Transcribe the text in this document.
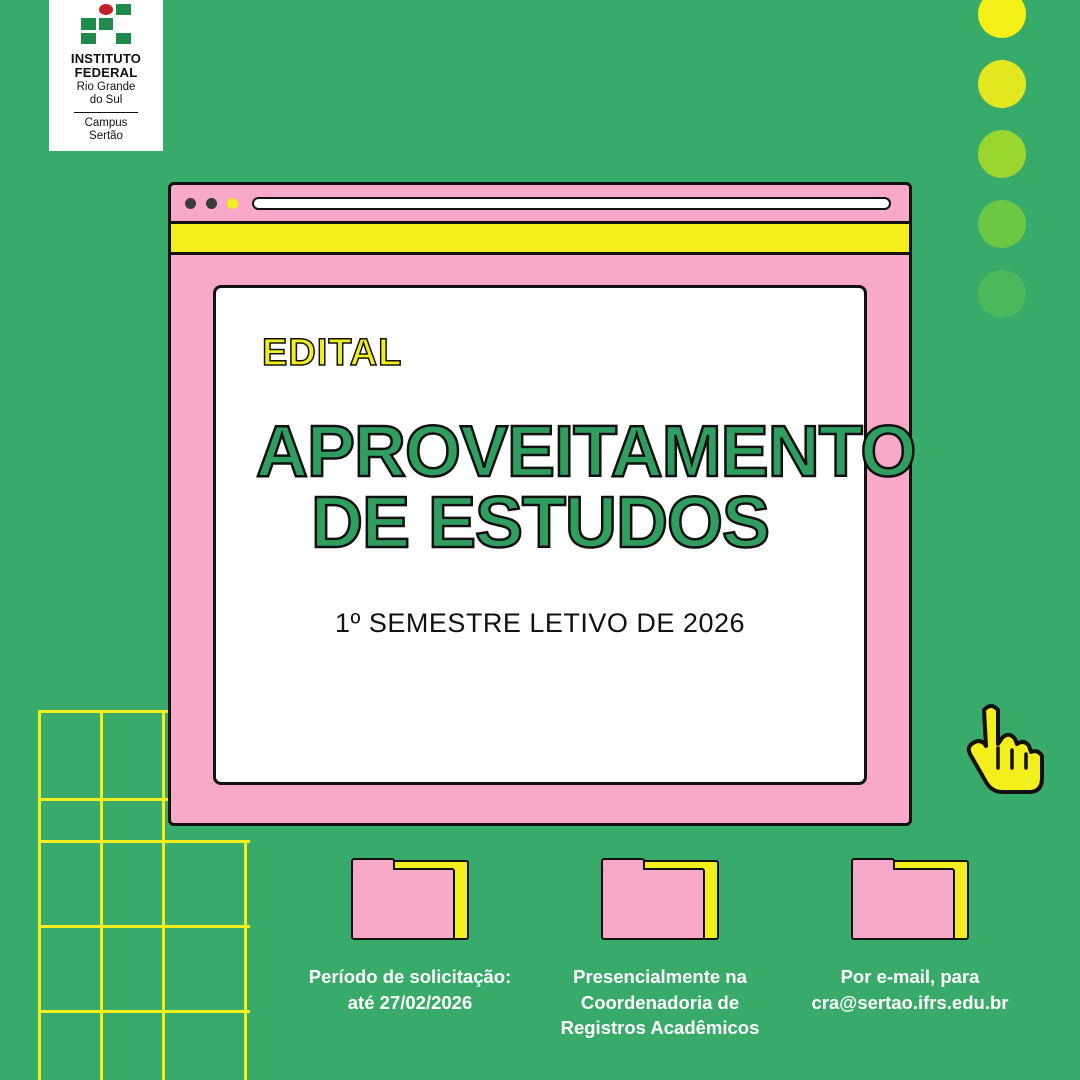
INSTITUTO
FEDERAL
Rio Grande
do Sul
Campus
Sertão
EDITAL
APROVEITAMENTO
DE ESTUDOS
1º SEMESTRE LETIVO DE 2026
Período de solicitação:
até 27/02/2026
Presencialmente na
Coordenadoria de
Registros Acadêmicos
Por e-mail, para
cra@sertao.ifrs.edu.br
